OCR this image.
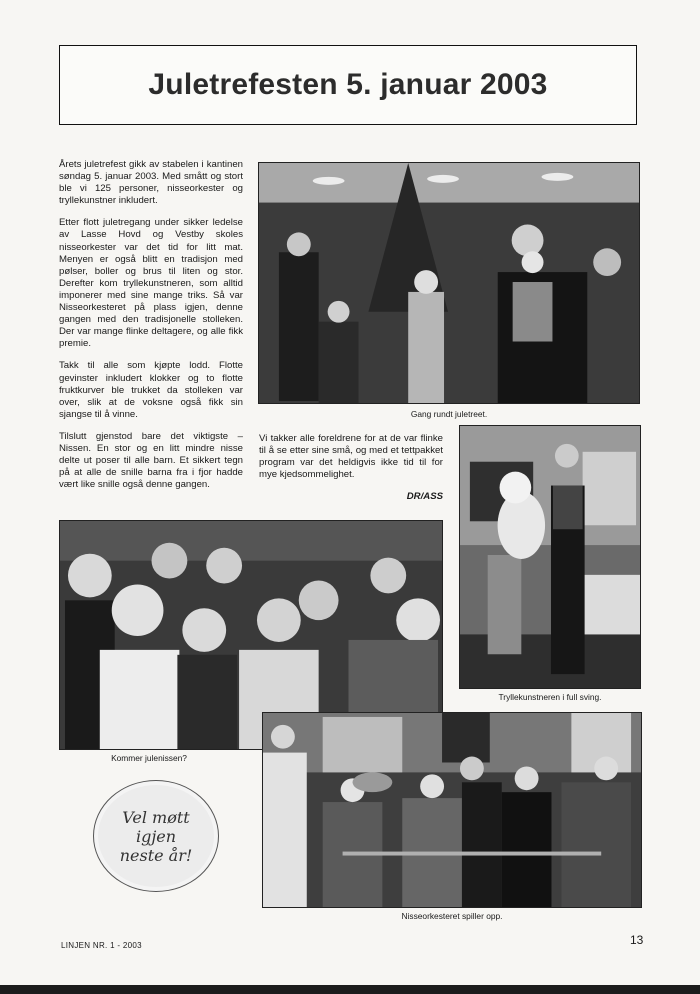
Juletrefesten 5. januar 2003

Årets juletrefest gikk av stabelen i kantinen søndag 5. januar 2003. Med smått og stort ble vi 125 personer, nisseorkester og tryllekunstner inkludert.

Etter flott juletregang under sikker ledelse av Lasse Hovd og Vestby skoles nisseorkester var det tid for litt mat. Menyen er også blitt en tradisjon med pølser, boller og brus til liten og stor. Derefter kom tryllekunstneren, som alltid imponerer med sine mange triks. Så var Nisseorkesteret på plass igjen, denne gangen med den tradisjonelle stolleken. Der var mange flinke deltagere, og alle fikk premie.

Takk til alle som kjøpte lodd. Flotte gevinster inkludert klokker og to flotte fruktkurver ble trukket da stolleken var over, slik at de voksne også fikk sin sjangse til å vinne.

Tilslutt gjenstod bare det viktigste – Nissen. En stor og en litt mindre nisse delte ut poser til alle barn. Et sikkert tegn på at alle de snille barna fra i fjor hadde vært like snille også denne gangen.

Gang rundt juletreet.

Vi takker alle foreldrene for at de var flinke til å se etter sine små, og med et tettpakket program var det heldigvis ikke tid til for mye kjedsommelighet.

DR/ASS
Tryllekunstneren i full sving.
Kommer julenissen?
Nisseorkesteret spiller opp.
Vel møtt
igjen
neste år!
LINJEN NR. 1 - 2003	13
